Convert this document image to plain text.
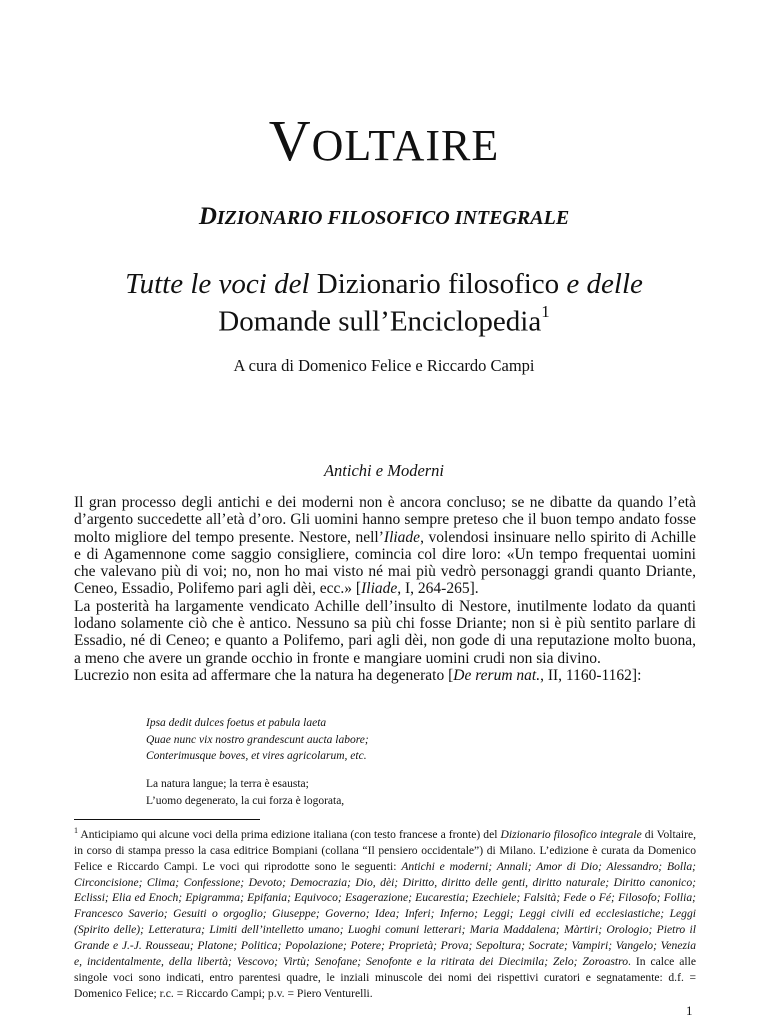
VOLTAIRE
DIZIONARIO FILOSOFICO INTEGRALE
Tutte le voci del Dizionario filosofico e delle
Domande sull’Enciclopedia$^1$
A cura di Domenico Felice e Riccardo Campi
Antichi e Moderni

Il gran processo degli antichi e dei moderni non è ancora concluso; se ne dibatte da quando l’età d’argento succedette all’età d’oro. Gli uomini hanno sempre preteso che il buon tempo andato fosse molto migliore del tempo presente. Nestore, nell’Iliade, volendosi insinuare nello spirito di Achille e di Agamennone come saggio consigliere, comincia col dire loro: «Un tempo frequentai uomini che valevano più di voi; no, non ho mai visto né mai più vedrò personaggi grandi quanto Driante, Ceneo, Essadio, Polifemo pari agli dèi, ecc.» [Iliade, I, 264-265].

La posterità ha largamente vendicato Achille dell’insulto di Nestore, inutilmente lodato da quanti lodano solamente ciò che è antico. Nessuno sa più chi fosse Driante; non si è più sentito parlare di Essadio, né di Ceneo; e quanto a Polifemo, pari agli dèi, non gode di una reputazione molto buona, a meno che avere un grande occhio in fronte e mangiare uomini crudi non sia divino.

Lucrezio non esita ad affermare che la natura ha degenerato [De rerum nat., II, 1160-1162]:

Ipsa dedit dulces foetus et pabula laeta

Quae nunc vix nostro grandescunt aucta labore;

Conterimusque boves, et vires agricolarum, etc.

La natura langue; la terra è esausta;

L’uomo degenerato, la cui forza è logorata,

$^1$ Anticipiamo qui alcune voci della prima edizione italiana (con testo francese a fronte) del Dizionario filosofico integrale di Voltaire, in corso di stampa presso la casa editrice Bompiani (collana “Il pensiero occidentale”) di Milano. L’edizione è curata da Domenico Felice e Riccardo Campi. Le voci qui riprodotte sono le seguenti: Antichi e moderni; Annali; Amor di Dio; Alessandro; Bolla; Circoncisione; Clima; Confessione; Devoto; Democrazia; Dio, dèi; Diritto, diritto delle genti, diritto naturale; Diritto canonico; Eclissi; Elia ed Enoch; Epigramma; Epifania; Equivoco; Esagerazione; Eucarestia; Ezechiele; Falsità; Fede o Fé; Filosofo; Follia; Francesco Saverio; Gesuiti o orgoglio; Giuseppe; Governo; Idea; Inferi; Inferno; Leggi; Leggi civili ed ecclesiastiche; Leggi (Spirito delle); Letteratura; Limiti dell’intelletto umano; Luoghi comuni letterari; Maria Maddalena; Màrtiri; Orologio; Pietro il Grande e J.-J. Rousseau; Platone; Politica; Popolazione; Potere; Proprietà; Prova; Sepoltura; Socrate; Vampiri; Vangelo; Venezia e, incidentalmente, della libertà; Vescovo; Virtù; Senofane; Senofonte e la ritirata dei Diecimila; Zelo; Zoroastro. In calce alle singole voci sono indicati, entro parentesi quadre, le inziali minuscole dei nomi dei rispettivi curatori e segnatamente: d.f. = Domenico Felice; r.c. = Riccardo Campi; p.v. = Piero Venturelli.
1
